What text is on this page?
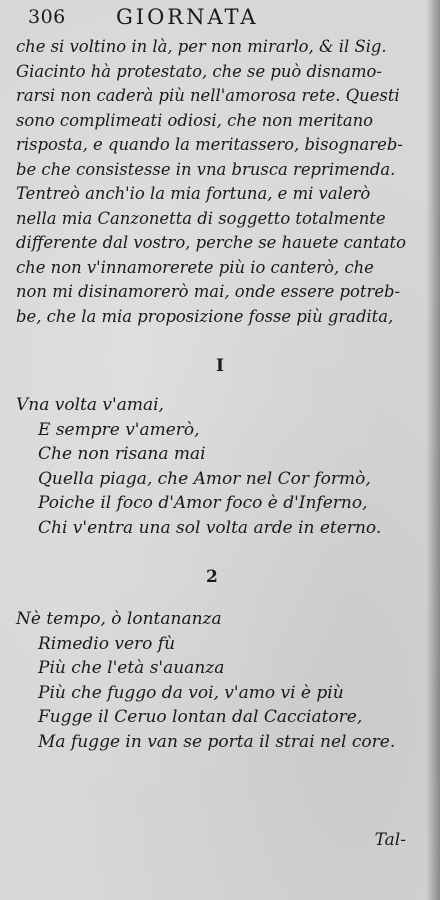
306 GIORNATA
che si voltino in là, per non mirarlo, & il Sig.
Giacinto hà protestato, che se può disnamo-
rarsi non caderà più nell'amorosa rete. Questi
sono complimeati odiosi, che non meritano
risposta, e quando la meritassero, bisognareb-
be che consistesse in vna brusca reprimenda.
Tentreò anch'io la mia fortuna, e mi valerò
nella mia Canzonetta di soggetto totalmente
differente dal vostro, perche se hauete cantato
che non v'innamorerete più io canterò, che
non mi disinamorerò mai, onde essere potreb-
be, che la mia proposizione fosse più gradita,
I
Vna volta v'amai,
E sempre v'amerò,
Che non risana mai
Quella piaga, che Amor nel Cor formò,
Poiche il foco d'Amor foco è d'Inferno,
Chi v'entra una sol volta arde in eterno.
2
Nè tempo, ò lontananza
Rimedio vero fù
Più che l'età s'auanza
Più che fuggo da voi, v'amo vi è più
Fugge il Ceruo lontan dal Cacciatore,
Ma fugge in van se porta il strai nel core.
Tal-
